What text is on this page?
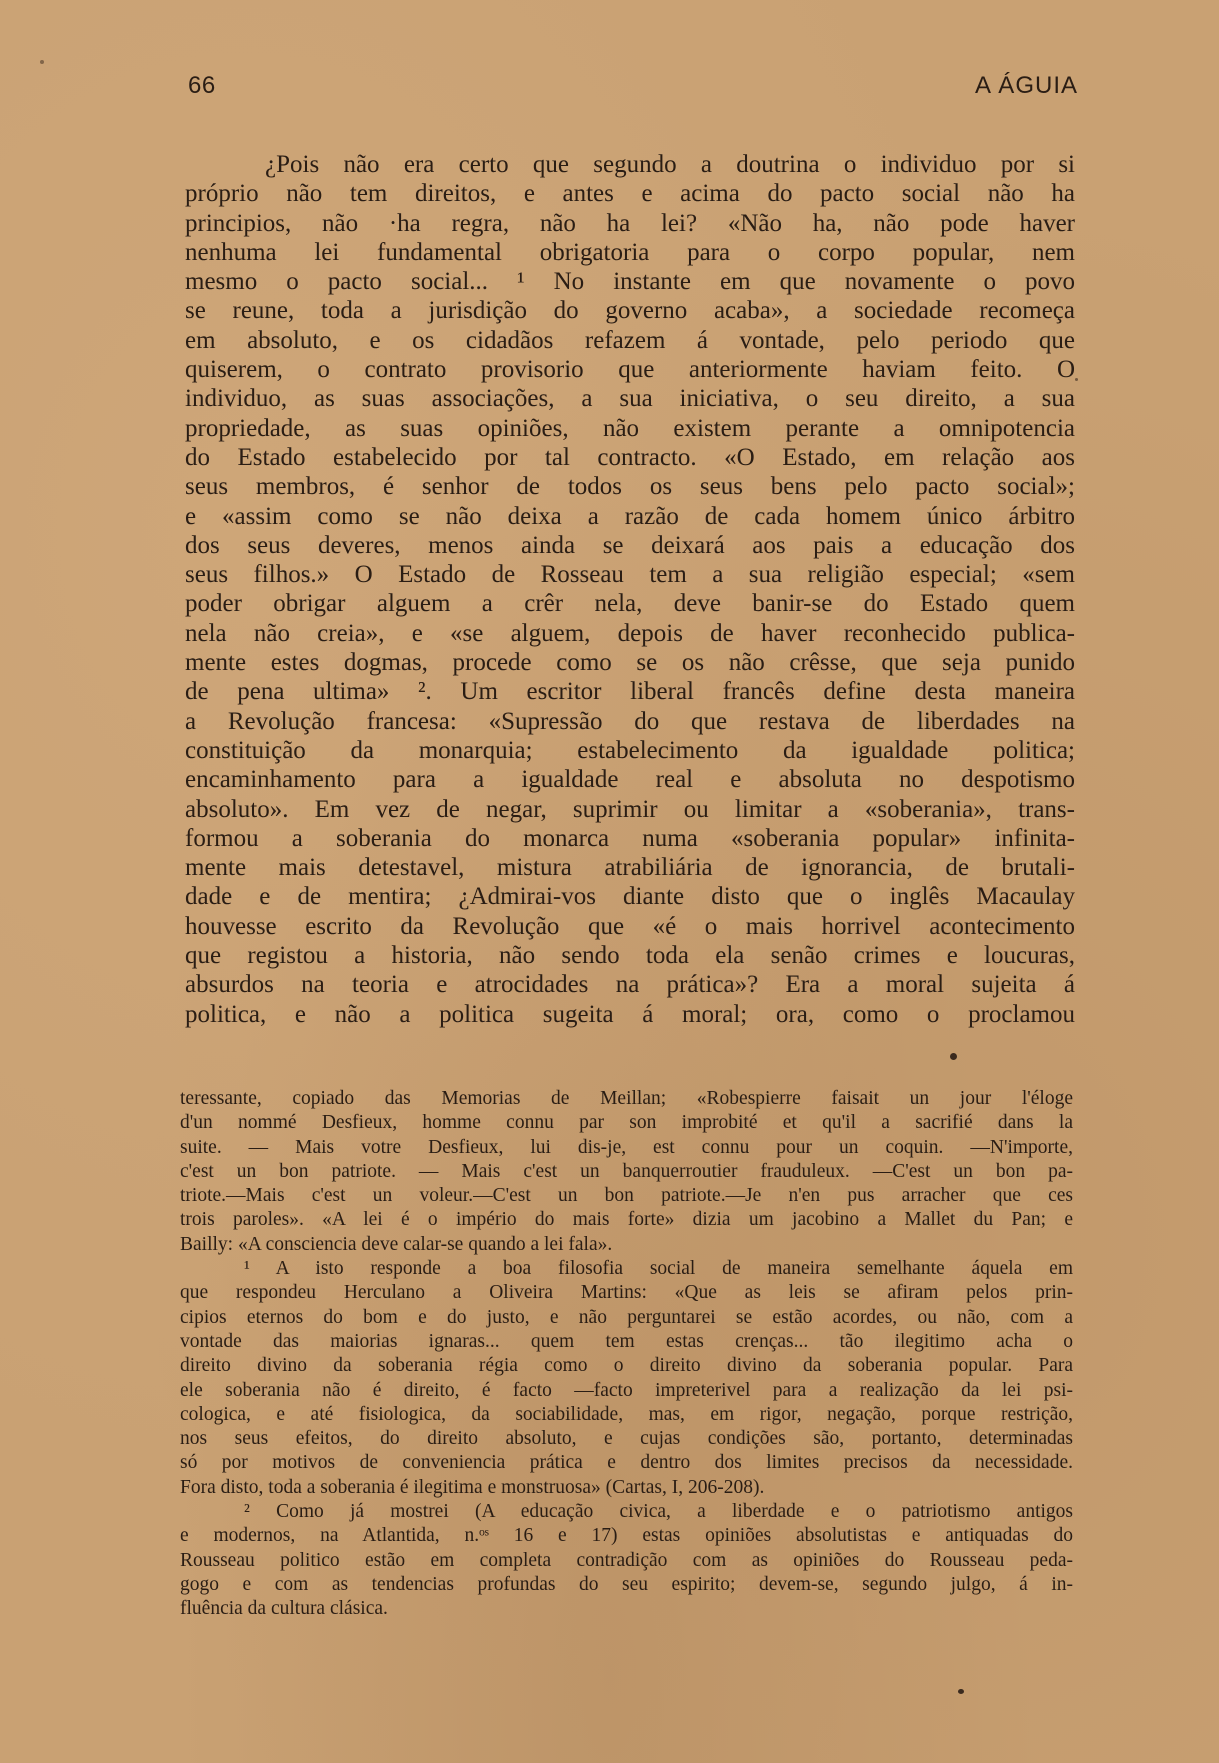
66	A ÁGUIA
¿Pois não era certo que segundo a doutrina o individuo por si
próprio não tem direitos, e antes e acima do pacto social não ha
principios, não ·ha regra, não ha lei? «Não ha, não pode haver
nenhuma lei fundamental obrigatoria para o corpo popular, nem
mesmo o pacto social... ¹ No instante em que novamente o povo
se reune, toda a jurisdição do governo acaba», a sociedade recomeça
em absoluto, e os cidadãos refazem á vontade, pelo periodo que
quiserem, o contrato provisorio que anteriormente haviam feito. O
individuo, as suas associações, a sua iniciativa, o seu direito, a sua
propriedade, as suas opiniões, não existem perante a omnipotencia
do Estado estabelecido por tal contracto. «O Estado, em relação aos
seus membros, é senhor de todos os seus bens pelo pacto social»;
e «assim como se não deixa a razão de cada homem único árbitro
dos seus deveres, menos ainda se deixará aos pais a educação dos
seus filhos.» O Estado de Rosseau tem a sua religião especial; «sem
poder obrigar alguem a crêr nela, deve banir-se do Estado quem
nela não creia», e «se alguem, depois de haver reconhecido publica-
mente estes dogmas, procede como se os não crêsse, que seja punido
de pena ultima» ². Um escritor liberal francês define desta maneira
a Revolução francesa: «Supressão do que restava de liberdades na
constituição da monarquia; estabelecimento da igualdade politica;
encaminhamento para a igualdade real e absoluta no despotismo
absoluto». Em vez de negar, suprimir ou limitar a «soberania», trans-
formou a soberania do monarca numa «soberania popular» infinita-
mente mais detestavel, mistura atrabiliária de ignorancia, de brutali-
dade e de mentira; ¿Admirai-vos diante disto que o inglês Macaulay
houvesse escrito da Revolução que «é o mais horrivel acontecimento
que registou a historia, não sendo toda ela senão crimes e loucuras,
absurdos na teoria e atrocidades na prática»? Era a moral sujeita á
politica, e não a politica sugeita á moral; ora, como o proclamou
teressante, copiado das Memorias de Meillan; «Robespierre faisait un jour l'éloge
d'un nommé Desfieux, homme connu par son improbité et qu'il a sacrifié dans la
suite. — Mais votre Desfieux, lui dis-je, est connu pour un coquin. —N'importe,
c'est un bon patriote. — Mais c'est un banquerroutier frauduleux. —C'est un bon pa-
triote.—Mais c'est un voleur.—C'est un bon patriote.—Je n'en pus arracher que ces
trois paroles». «A lei é o império do mais forte» dizia um jacobino a Mallet du Pan; e
Bailly: «A consciencia deve calar-se quando a lei fala».
¹ A isto responde a boa filosofia social de maneira semelhante áquela em
que respondeu Herculano a Oliveira Martins: «Que as leis se afiram pelos prin-
cipios eternos do bom e do justo, e não perguntarei se estão acordes, ou não, com a
vontade das maiorias ignaras... quem tem estas crenças... tão ilegitimo acha o
direito divino da soberania régia como o direito divino da soberania popular. Para
ele soberania não é direito, é facto —facto impreterivel para a realização da lei psi-
cologica, e até fisiologica, da sociabilidade, mas, em rigor, negação, porque restrição,
nos seus efeitos, do direito absoluto, e cujas condições são, portanto, determinadas
só por motivos de conveniencia prática e dentro dos limites precisos da necessidade.
Fora disto, toda a soberania é ilegitima e monstruosa» (Cartas, I, 206-208).
² Como já mostrei (A educação civica, a liberdade e o patriotismo antigos
e modernos, na Atlantida, n.ᵒˢ 16 e 17) estas opiniões absolutistas e antiquadas do
Rousseau politico estão em completa contradição com as opiniões do Rousseau peda-
gogo e com as tendencias profundas do seu espirito; devem-se, segundo julgo, á in-
fluência da cultura clásica.
